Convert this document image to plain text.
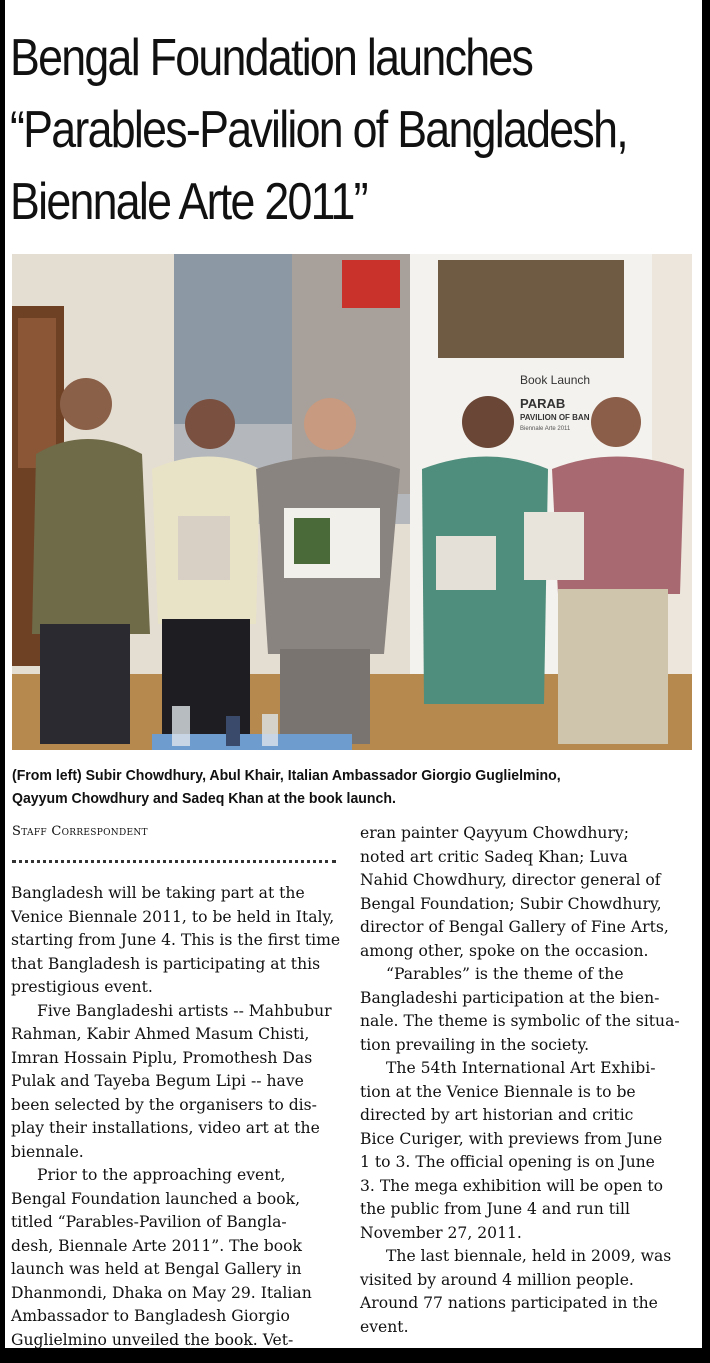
Bengal Foundation launches
“Parables-Pavilion of Bangladesh,
Biennale Arte 2011”
Book Launch
PARAB
PAVILION OF BAN
Biennale Arte 2011

(From left) Subir Chowdhury, Abul Khair, Italian Ambassador Giorgio Guglielmino,
Qayyum Chowdhury and Sadeq Khan at the book launch.

Staff Correspondent

Bangladesh will be taking part at the
Venice Biennale 2011, to be held in Italy,
starting from June 4. This is the first time
that Bangladesh is participating at this
prestigious event.
Five Bangladeshi artists -- Mahbubur
Rahman, Kabir Ahmed Masum Chisti,
Imran Hossain Piplu, Promothesh Das
Pulak and Tayeba Begum Lipi -- have
been selected by the organisers to dis-
play their installations, video art at the
biennale.
Prior to the approaching event,
Bengal Foundation launched a book,
titled “Parables-Pavilion of Bangla-
desh, Biennale Arte 2011”. The book
launch was held at Bengal Gallery in
Dhanmondi, Dhaka on May 29. Italian
Ambassador to Bangladesh Giorgio
Guglielmino unveiled the book. Vet-

eran painter Qayyum Chowdhury;
noted art critic Sadeq Khan; Luva
Nahid Chowdhury, director general of
Bengal Foundation; Subir Chowdhury,
director of Bengal Gallery of Fine Arts,
among other, spoke on the occasion.
“Parables” is the theme of the
Bangladeshi participation at the bien-
nale. The theme is symbolic of the situa-
tion prevailing in the society.
The 54th International Art Exhibi-
tion at the Venice Biennale is to be
directed by art historian and critic
Bice Curiger, with previews from June
1 to 3. The official opening is on June
3. The mega exhibition will be open to
the public from June 4 and run till
November 27, 2011.
The last biennale, held in 2009, was
visited by around 4 million people.
Around 77 nations participated in the
event.
